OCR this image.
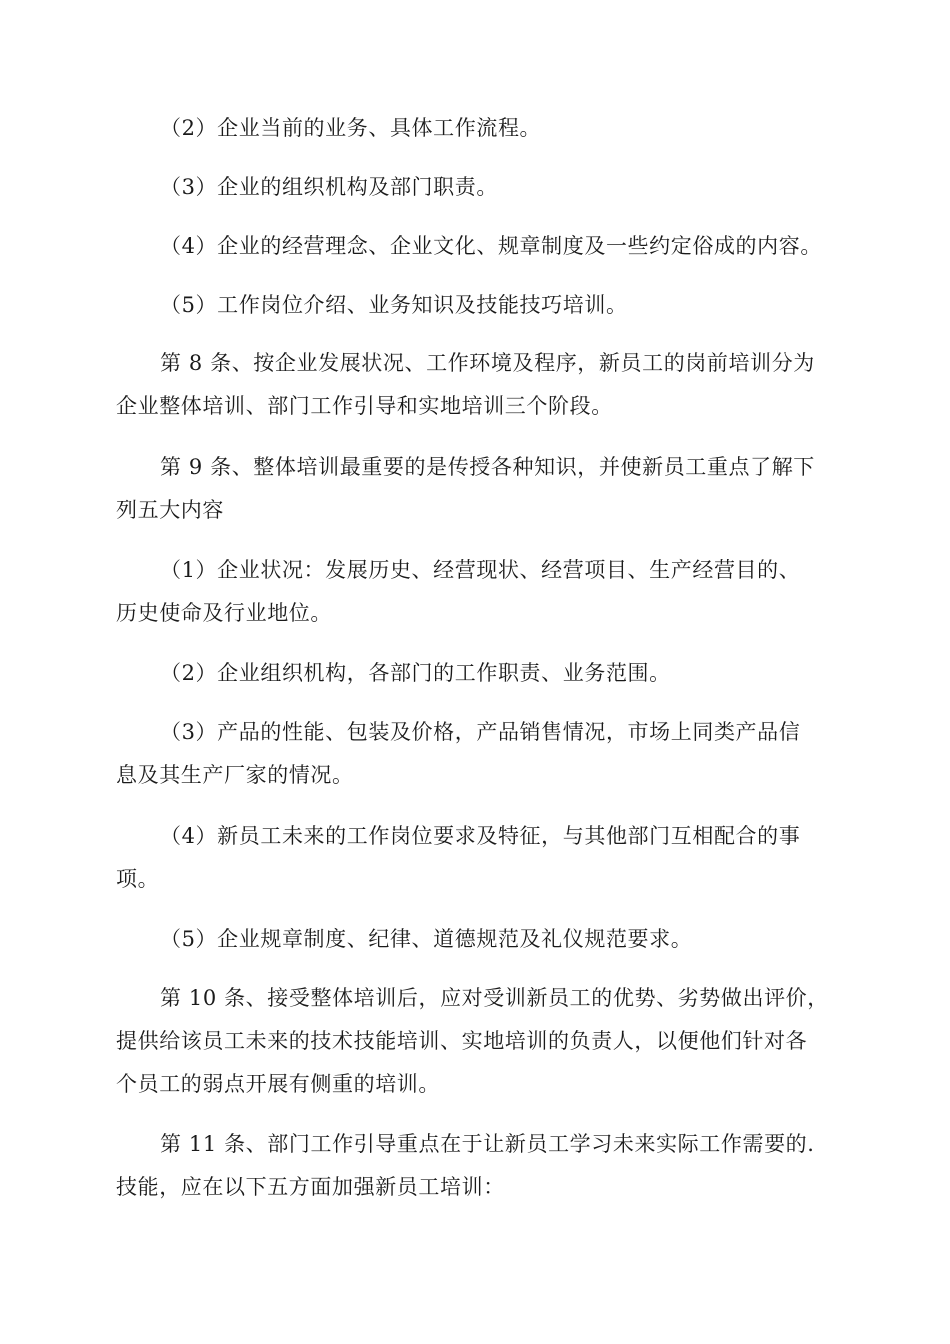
（2）企业当前的业务、具体工作流程。

（3）企业的组织机构及部门职责。

（4）企业的经营理念、企业文化、规章制度及一些约定俗成的内容。

（5）工作岗位介绍、业务知识及技能技巧培训。

第 8 条、按企业发展状况、工作环境及程序，新员工的岗前培训分为
企业整体培训、部门工作引导和实地培训三个阶段。

第 9 条、整体培训最重要的是传授各种知识，并使新员工重点了解下
列五大内容

（1）企业状况：发展历史、经营现状、经营项目、生产经营目的、
历史使命及行业地位。

（2）企业组织机构，各部门的工作职责、业务范围。

（3）产品的性能、包装及价格，产品销售情况，市场上同类产品信
息及其生产厂家的情况。

（4）新员工未来的工作岗位要求及特征，与其他部门互相配合的事
项。

（5）企业规章制度、纪律、道德规范及礼仪规范要求。

第 10 条、接受整体培训后，应对受训新员工的优势、劣势做出评价，
提供给该员工未来的技术技能培训、实地培训的负责人，以便他们针对各
个员工的弱点开展有侧重的培训。

第 11 条、部门工作引导重点在于让新员工学习未来实际工作需要的.
技能，应在以下五方面加强新员工培训：
